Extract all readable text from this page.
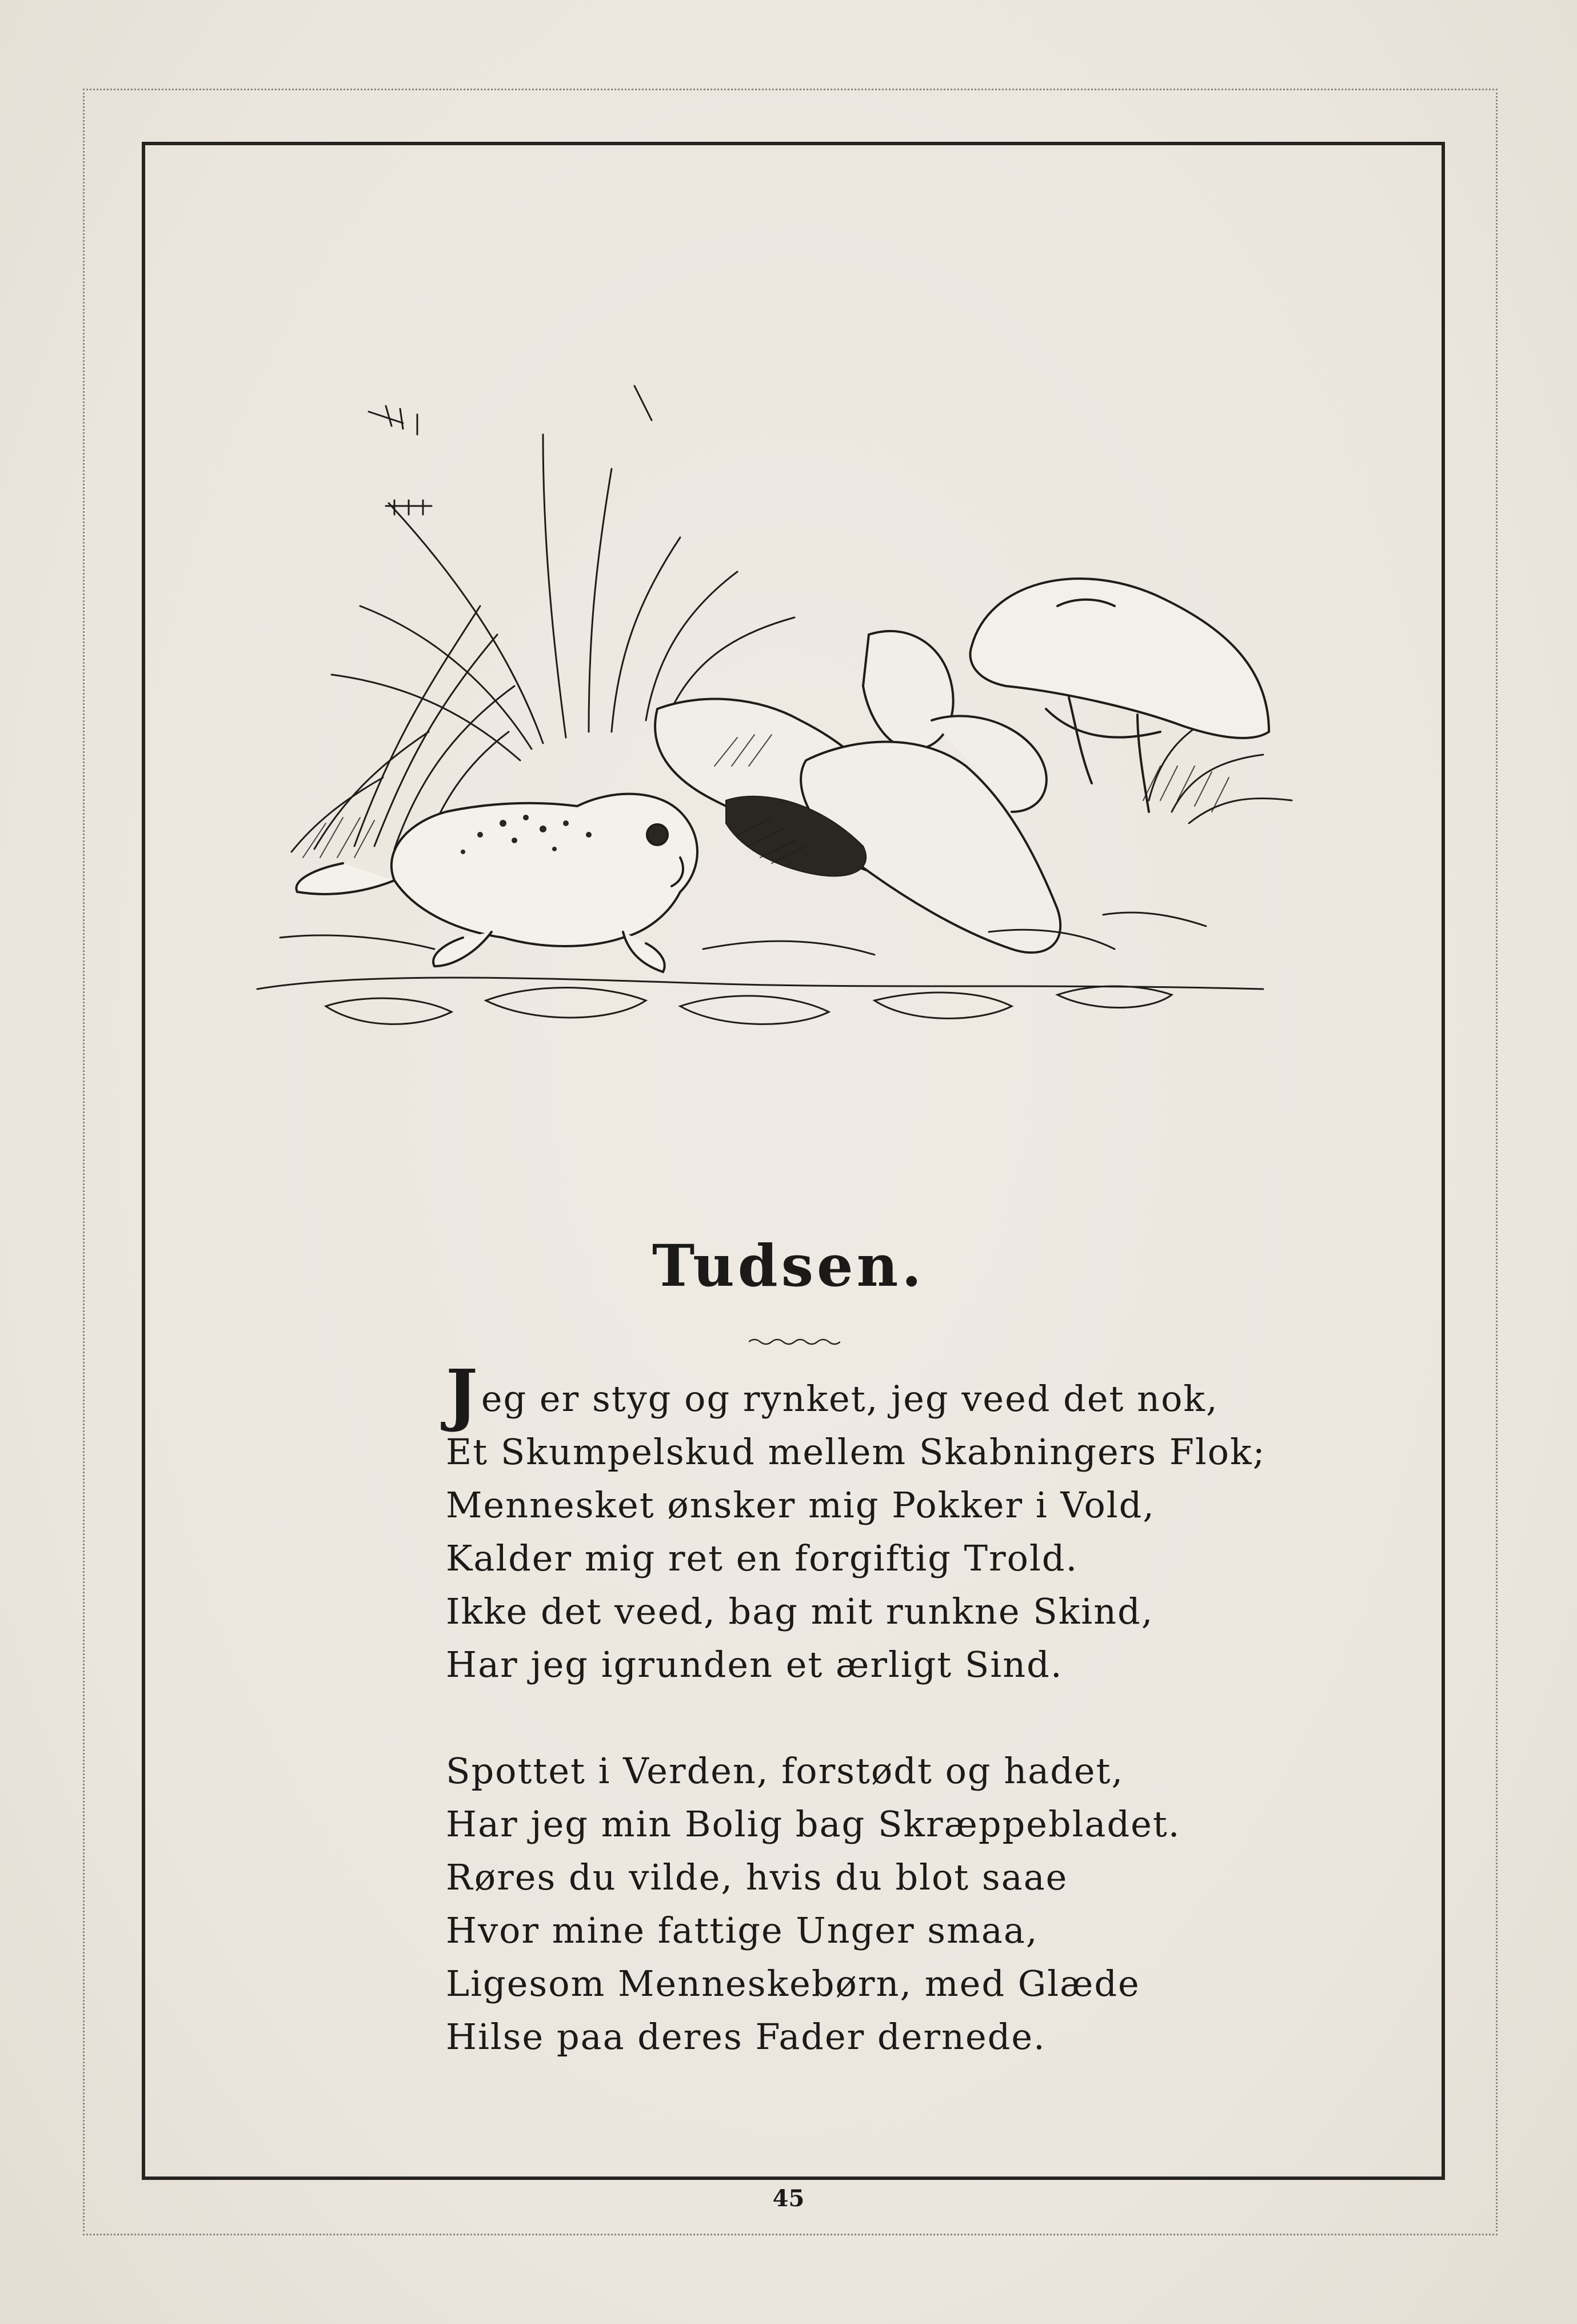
Tudsen.
Jeg er styg og rynket, jeg veed det nok,
Et Skumpelskud mellem Skabningers Flok;
Mennesket ønsker mig Pokker i Vold,
Kalder mig ret en forgiftig Trold.
Ikke det veed, bag mit runkne Skind,
Har jeg igrunden et ærligt Sind.
Spottet i Verden, forstødt og hadet,
Har jeg min Bolig bag Skræppebladet.
Røres du vilde, hvis du blot saae
Hvor mine fattige Unger smaa,
Ligesom Menneskebørn, med Glæde
Hilse paa deres Fader dernede.
45
